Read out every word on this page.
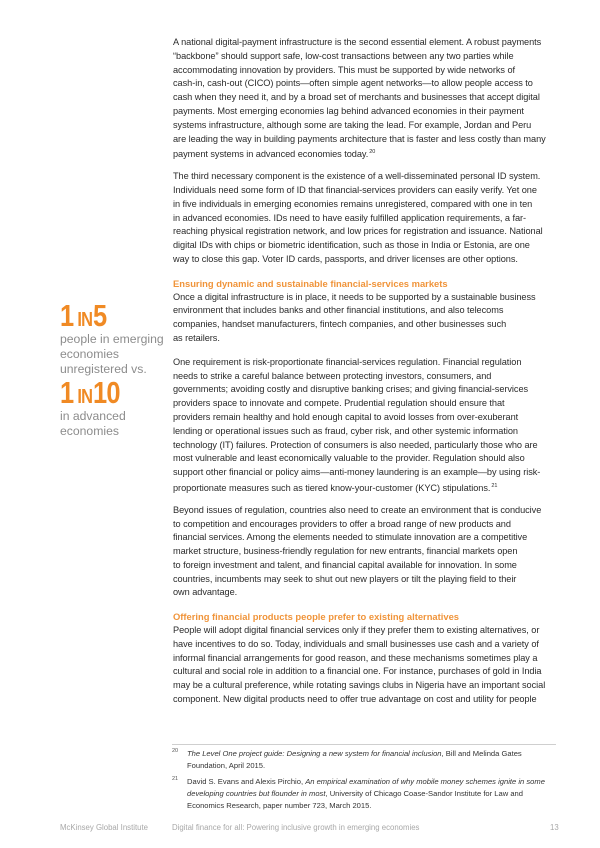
A national digital-payment infrastructure is the second essential element. A robust payments
“backbone” should support safe, low-cost transactions between any two parties while
accommodating innovation by providers. This must be supported by wide networks of
cash-in, cash-out (CICO) points—often simple agent networks—to allow people access to
cash when they need it, and by a broad set of merchants and businesses that accept digital
payments. Most emerging economies lag behind advanced economies in their payment
systems infrastructure, although some are taking the lead. For example, Jordan and Peru
are leading the way in building payments architecture that is faster and less costly than many
payment systems in advanced economies today.$^{20}$
The third necessary component is the existence of a well-disseminated personal ID system.
Individuals need some form of ID that financial-services providers can easily verify. Yet one
in five individuals in emerging economies remains unregistered, compared with one in ten
in advanced economies. IDs need to have easily fulfilled application requirements, a far-
reaching physical registration network, and low prices for registration and issuance. National
digital IDs with chips or biometric identification, such as those in India or Estonia, are one
way to close this gap. Voter ID cards, passports, and driver licenses are other options.
Ensuring dynamic and sustainable financial-services markets
Once a digital infrastructure is in place, it needs to be supported by a sustainable business
environment that includes banks and other financial institutions, and also telecoms
companies, handset manufacturers, fintech companies, and other businesses such
as retailers.
One requirement is risk-proportionate financial-services regulation. Financial regulation
needs to strike a careful balance between protecting investors, consumers, and
governments; avoiding costly and disruptive banking crises; and giving financial-services
providers space to innovate and compete. Prudential regulation should ensure that
providers remain healthy and hold enough capital to avoid losses from over-exuberant
lending or operational issues such as fraud, cyber risk, and other systemic information
technology (IT) failures. Protection of consumers is also needed, particularly those who are
most vulnerable and least economically valuable to the provider. Regulation should also
support other financial or policy aims—anti-money laundering is an example—by using risk-
proportionate measures such as tiered know-your-customer (KYC) stipulations.$^{21}$
Beyond issues of regulation, countries also need to create an environment that is conducive
to competition and encourages providers to offer a broad range of new products and
financial services. Among the elements needed to stimulate innovation are a competitive
market structure, business-friendly regulation for new entrants, financial markets open
to foreign investment and talent, and financial capital available for innovation. In some
countries, incumbents may seek to shut out new players or tilt the playing field to their
own advantage.
Offering financial products people prefer to existing alternatives
People will adopt digital financial services only if they prefer them to existing alternatives, or
have incentives to do so. Today, individuals and small businesses use cash and a variety of
informal financial arrangements for good reason, and these mechanisms sometimes play a
cultural and social role in addition to a financial one. For instance, purchases of gold in India
may be a cultural preference, while rotating savings clubs in Nigeria have an important social
component. New digital products need to offer true advantage on cost and utility for people
1 IN5
people in emerging
economies
unregistered vs.
1 IN10
in advanced
economies
20 The Level One project guide: Designing a new system for financial inclusion, Bill and Melinda Gates
Foundation, April 2015.
21 David S. Evans and Alexis Pirchio, An empirical examination of why mobile money schemes ignite in some
developing countries but flounder in most, University of Chicago Coase-Sandor Institute for Law and
Economics Research, paper number 723, March 2015.
McKinsey Global Institute	Digital finance for all: Powering inclusive growth in emerging economies	13
